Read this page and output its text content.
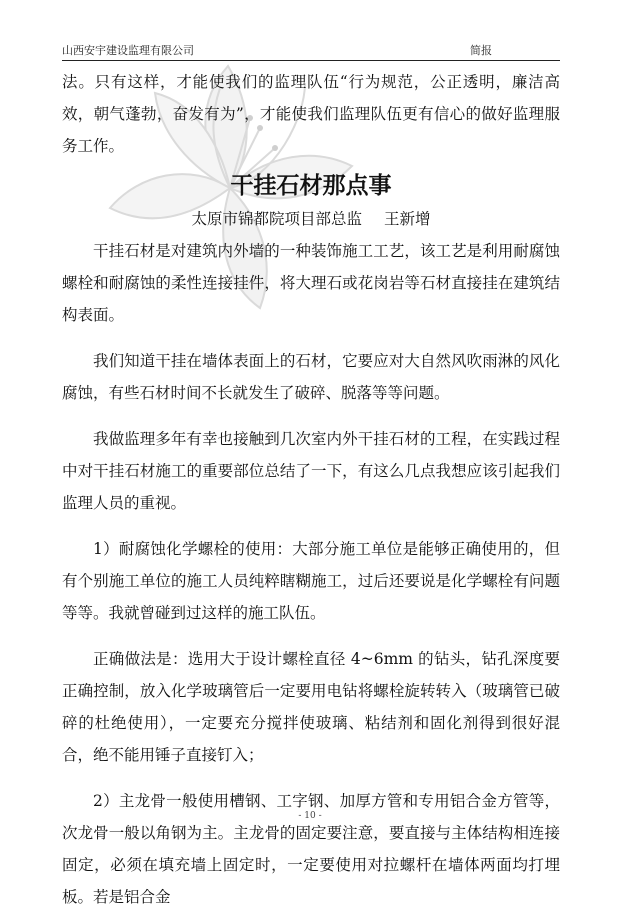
山西安宇建设监理有限公司	简报

法。只有这样，才能使我们的监理队伍“行为规范，公正透明，廉洁高效，朝气蓬勃，奋发有为”，才能使我们监理队伍更有信心的做好监理服务工作。

干挂石材那点事

太原市锦都院项目部总监 王新增

干挂石材是对建筑内外墙的一种装饰施工工艺，该工艺是利用耐腐蚀螺栓和耐腐蚀的柔性连接挂件，将大理石或花岗岩等石材直接挂在建筑结构表面。

我们知道干挂在墙体表面上的石材，它要应对大自然风吹雨淋的风化腐蚀，有些石材时间不长就发生了破碎、脱落等等问题。

我做监理多年有幸也接触到几次室内外干挂石材的工程，在实践过程中对干挂石材施工的重要部位总结了一下，有这么几点我想应该引起我们监理人员的重视。

1）耐腐蚀化学螺栓的使用：大部分施工单位是能够正确使用的，但有个别施工单位的施工人员纯粹瞎糊施工，过后还要说是化学螺栓有问题等等。我就曾碰到过这样的施工队伍。

正确做法是：选用大于设计螺栓直径 4~6mm 的钻头，钻孔深度要正确控制，放入化学玻璃管后一定要用电钻将螺栓旋转转入（玻璃管已破碎的杜绝使用），一定要充分搅拌使玻璃、粘结剂和固化剂得到很好混合，绝不能用锤子直接钉入；

2）主龙骨一般使用槽钢、工字钢、加厚方管和专用铝合金方管等，次龙骨一般以角钢为主。主龙骨的固定要注意，要直接与主体结构相连接固定，必须在填充墙上固定时，一定要使用对拉螺杆在墙体两面均打埋板。若是铝合金

- 10 -
